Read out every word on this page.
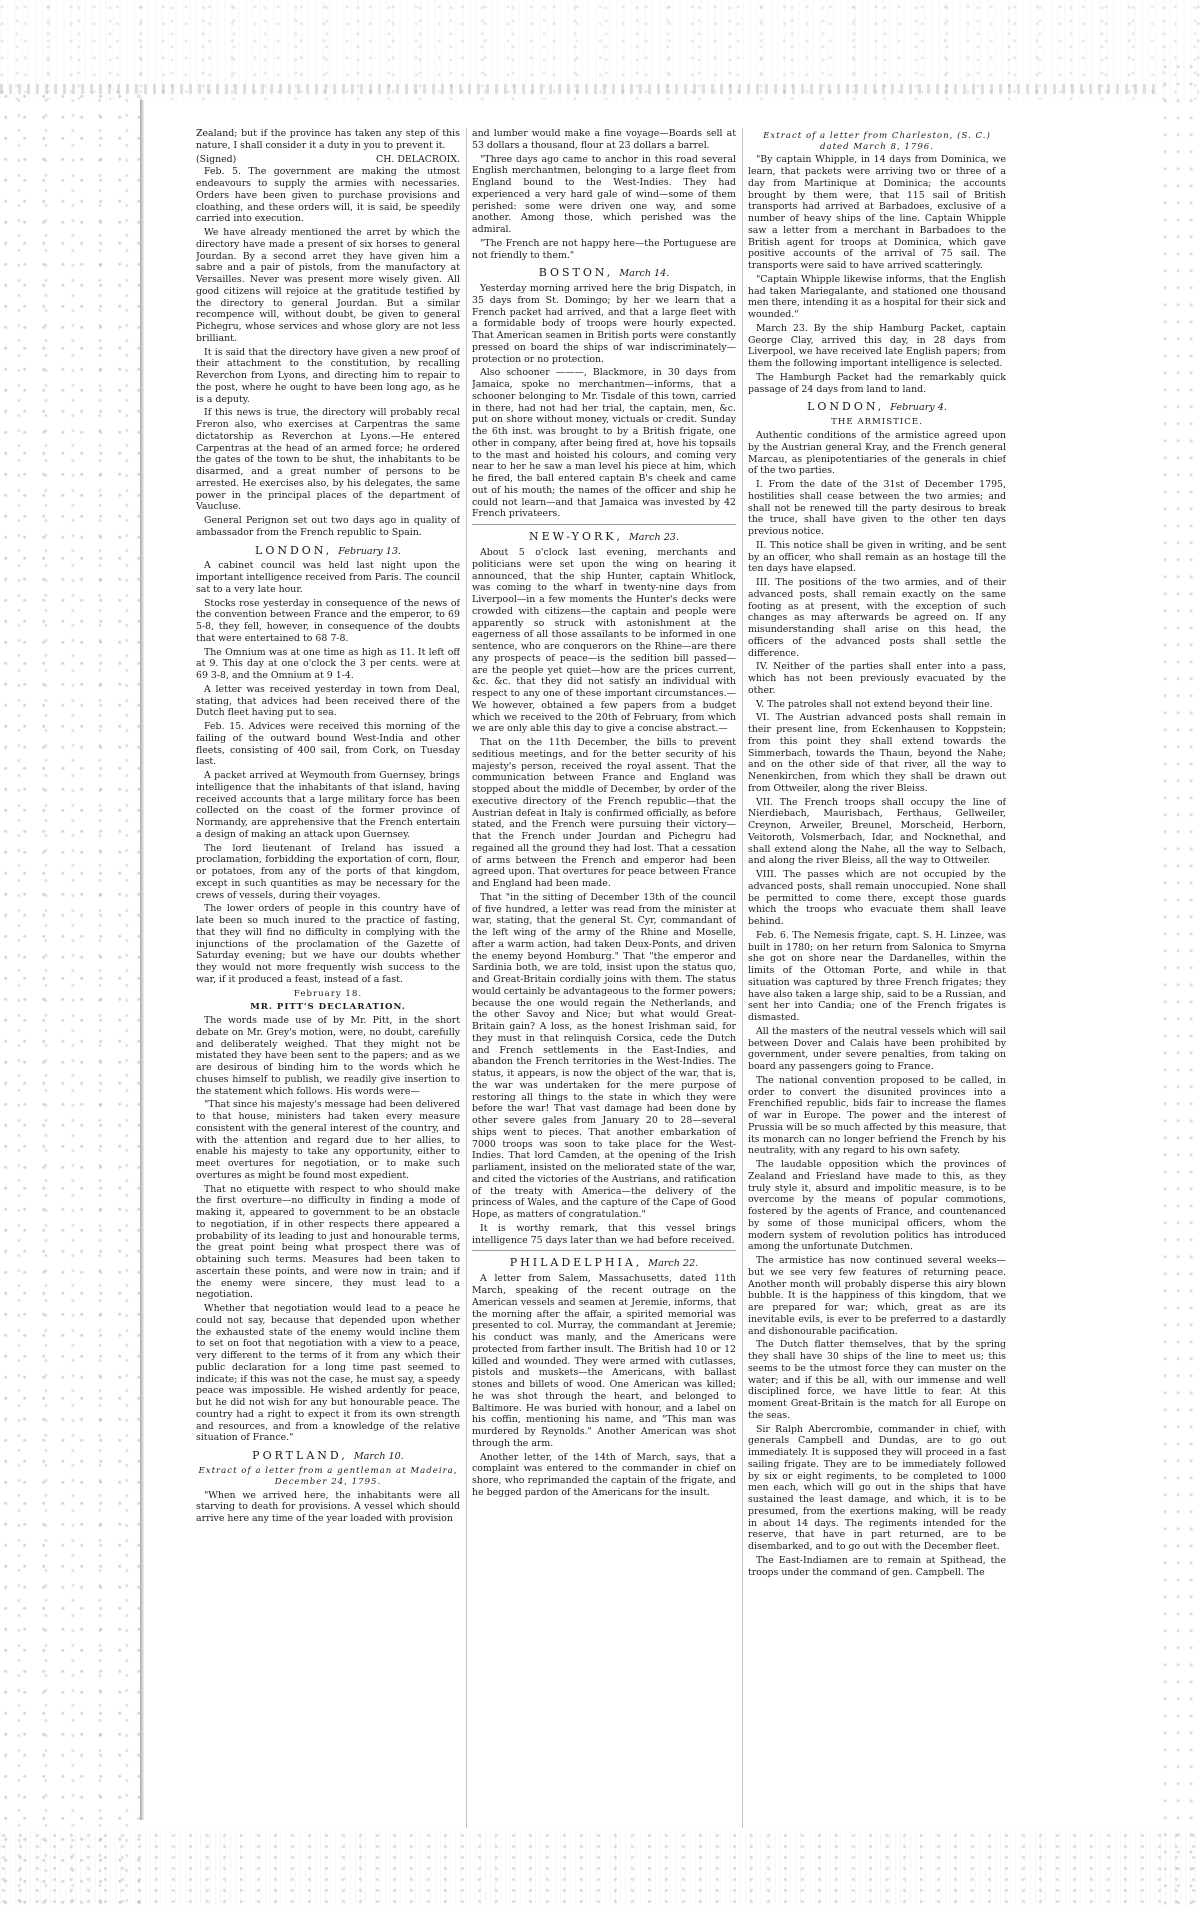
Zealand; but if the province has taken any step of this nature, I shall consider it a duty in you to prevent it.

(Signed)	CH. DELACROIX.

Feb. 5. The government are making the utmost endeavours to supply the armies with necessaries. Orders have been given to purchase provisions and cloathing, and these orders will, it is said, be speedily carried into execution.

We have already mentioned the arret by which the directory have made a present of six horses to general Jourdan. By a second arret they have given him a sabre and a pair of pistols, from the manufactory at Versailles. Never was present more wisely given. All good citizens will rejoice at the gratitude testified by the directory to general Jourdan. But a similar recompence will, without doubt, be given to general Pichegru, whose services and whose glory are not less brilliant.

It is said that the directory have given a new proof of their attachment to the constitution, by recalling Reverchon from Lyons, and directing him to repair to the post, where he ought to have been long ago, as he is a deputy.

If this news is true, the directory will probably recal Freron also, who exercises at Carpentras the same dictatorship as Reverchon at Lyons.—He entered Carpentras at the head of an armed force; he ordered the gates of the town to be shut, the inhabitants to be disarmed, and a great number of persons to be arrested. He exercises also, by his delegates, the same power in the principal places of the department of Vaucluse.

General Perignon set out two days ago in quality of ambassador from the French republic to Spain.

LONDON, February 13.

A cabinet council was held last night upon the important intelligence received from Paris. The council sat to a very late hour.

Stocks rose yesterday in consequence of the news of the convention between France and the emperor, to 69 5-8, they fell, however, in consequence of the doubts that were entertained to 68 7-8.

The Omnium was at one time as high as 11. It left off at 9. This day at one o'clock the 3 per cents. were at 69 3-8, and the Omnium at 9 1-4.

A letter was received yesterday in town from Deal, stating, that advices had been received there of the Dutch fleet having put to sea.

Feb. 15. Advices were received this morning of the failing of the outward bound West-India and other fleets, consisting of 400 sail, from Cork, on Tuesday last.

A packet arrived at Weymouth from Guernsey, brings intelligence that the inhabitants of that island, having received accounts that a large military force has been collected on the coast of the former province of Normandy, are apprehensive that the French entertain a design of making an attack upon Guernsey.

The lord lieutenant of Ireland has issued a proclamation, forbidding the exportation of corn, flour, or potatoes, from any of the ports of that kingdom, except in such quantities as may be necessary for the crews of vessels, during their voyages.

The lower orders of people in this country have of late been so much inured to the practice of fasting, that they will find no difficulty in complying with the injunctions of the proclamation of the Gazette of Saturday evening; but we have our doubts whether they would not more frequently wish success to the war, if it produced a feast, instead of a fast.

February 18.
MR. PITT'S DECLARATION.

The words made use of by Mr. Pitt, in the short debate on Mr. Grey's motion, were, no doubt, carefully and deliberately weighed. That they might not be mistated they have been sent to the papers; and as we are desirous of binding him to the words which he chuses himself to publish, we readily give insertion to the statement which follows. His words were—

"That since his majesty's message had been delivered to that house, ministers had taken every measure consistent with the general interest of the country, and with the attention and regard due to her allies, to enable his majesty to take any opportunity, either to meet overtures for negotiation, or to make such overtures as might be found most expedient.

That no etiquette with respect to who should make the first overture—no difficulty in finding a mode of making it, appeared to government to be an obstacle to negotiation, if in other respects there appeared a probability of its leading to just and honourable terms, the great point being what prospect there was of obtaining such terms. Measures had been taken to ascertain these points, and were now in train; and if the enemy were sincere, they must lead to a negotiation.

Whether that negotiation would lead to a peace he could not say, because that depended upon whether the exhausted state of the enemy would incline them to set on foot that negotiation with a view to a peace, very different to the terms of it from any which their public declaration for a long time past seemed to indicate; if this was not the case, he must say, a speedy peace was impossible. He wished ardently for peace, but he did not wish for any but honourable peace. The country had a right to expect it from its own strength and resources, and from a knowledge of the relative situation of France."

PORTLAND, March 10.
Extract of a letter from a gentleman at Madeira, December 24, 1795.

"When we arrived here, the inhabitants were all starving to death for provisions. A vessel which should arrive here any time of the year loaded with provision

and lumber would make a fine voyage—Boards sell at 53 dollars a thousand, flour at 23 dollars a barrel.

"Three days ago came to anchor in this road several English merchantmen, belonging to a large fleet from England bound to the West-Indies. They had experienced a very hard gale of wind—some of them perished: some were driven one way, and some another. Among those, which perished was the admiral.

"The French are not happy here—the Portuguese are not friendly to them."

BOSTON, March 14.

Yesterday morning arrived here the brig Dispatch, in 35 days from St. Domingo; by her we learn that a French packet had arrived, and that a large fleet with a formidable body of troops were hourly expected. That American seamen in British ports were constantly pressed on board the ships of war indiscriminately—protection or no protection.

Also schooner ———, Blackmore, in 30 days from Jamaica, spoke no merchantmen—informs, that a schooner belonging to Mr. Tisdale of this town, carried in there, had not had her trial, the captain, men, &c. put on shore without money, victuals or credit. Sunday the 6th inst. was brought to by a British frigate, one other in company, after being fired at, hove his topsails to the mast and hoisted his colours, and coming very near to her he saw a man level his piece at him, which he fired, the ball entered captain B's cheek and came out of his mouth; the names of the officer and ship he could not learn—and that Jamaica was invested by 42 French privateers.

NEW-YORK, March 23.

About 5 o'clock last evening, merchants and politicians were set upon the wing on hearing it announced, that the ship Hunter, captain Whitlock, was coming to the wharf in twenty-nine days from Liverpool—in a few moments the Hunter's decks were crowded with citizens—the captain and people were apparently so struck with astonishment at the eagerness of all those assailants to be informed in one sentence, who are conquerors on the Rhine—are there any prospects of peace—is the sedition bill passed—are the people yet quiet—how are the prices current, &c. &c. that they did not satisfy an individual with respect to any one of these important circumstances.—We however, obtained a few papers from a budget which we received to the 20th of February, from which we are only able this day to give a concise abstract.—

That on the 11th December, the bills to prevent seditious meetings, and for the better security of his majesty's person, received the royal assent. That the communication between France and England was stopped about the middle of December, by order of the executive directory of the French republic—that the Austrian defeat in Italy is confirmed officially, as before stated, and the French were pursuing their victory—that the French under Jourdan and Pichegru had regained all the ground they had lost. That a cessation of arms between the French and emperor had been agreed upon. That overtures for peace between France and England had been made.

That "in the sitting of December 13th of the council of five hundred, a letter was read from the minister at war, stating, that the general St. Cyr, commandant of the left wing of the army of the Rhine and Moselle, after a warm action, had taken Deux-Ponts, and driven the enemy beyond Homburg." That "the emperor and Sardinia both, we are told, insist upon the status quo, and Great-Britain cordially joins with them. The status would certainly be advantageous to the former powers; because the one would regain the Netherlands, and the other Savoy and Nice; but what would Great-Britain gain? A loss, as the honest Irishman said, for they must in that relinquish Corsica, cede the Dutch and French settlements in the East-Indies, and abandon the French territories in the West-Indies. The status, it appears, is now the object of the war, that is, the war was undertaken for the mere purpose of restoring all things to the state in which they were before the war! That vast damage had been done by other severe gales from January 20 to 28—several ships went to pieces. That another embarkation of 7000 troops was soon to take place for the West-Indies. That lord Camden, at the opening of the Irish parliament, insisted on the meliorated state of the war, and cited the victories of the Austrians, and ratification of the treaty with America—the delivery of the princess of Wales, and the capture of the Cape of Good Hope, as matters of congratulation."

It is worthy remark, that this vessel brings intelligence 75 days later than we had before received.

PHILADELPHIA, March 22.

A letter from Salem, Massachusetts, dated 11th March, speaking of the recent outrage on the American vessels and seamen at Jeremie, informs, that the morning after the affair, a spirited memorial was presented to col. Murray, the commandant at Jeremie; his conduct was manly, and the Americans were protected from farther insult. The British had 10 or 12 killed and wounded. They were armed with cutlasses, pistols and muskets—the Americans, with ballast stones and billets of wood. One American was killed; he was shot through the heart, and belonged to Baltimore. He was buried with honour, and a label on his coffin, mentioning his name, and "This man was murdered by Reynolds." Another American was shot through the arm.

Another letter, of the 14th of March, says, that a complaint was entered to the commander in chief on shore, who reprimanded the captain of the frigate, and he begged pardon of the Americans for the insult.

Extract of a letter from Charleston, (S. C.) dated March 8, 1796.

"By captain Whipple, in 14 days from Dominica, we learn, that packets were arriving two or three of a day from Martinique at Dominica; the accounts brought by them were, that 115 sail of British transports had arrived at Barbadoes, exclusive of a number of heavy ships of the line. Captain Whipple saw a letter from a merchant in Barbadoes to the British agent for troops at Dominica, which gave positive accounts of the arrival of 75 sail. The transports were said to have arrived scatteringly.

"Captain Whipple likewise informs, that the English had taken Mariegalante, and stationed one thousand men there, intending it as a hospital for their sick and wounded."

March 23. By the ship Hamburg Packet, captain George Clay, arrived this day, in 28 days from Liverpool, we have received late English papers; from them the following important intelligence is selected.

The Hamburgh Packet had the remarkably quick passage of 24 days from land to land.

LONDON, February 4.
THE ARMISTICE.

Authentic conditions of the armistice agreed upon by the Austrian general Kray, and the French general Marcau, as plenipotentiaries of the generals in chief of the two parties.

I. From the date of the 31st of December 1795, hostilities shall cease between the two armies; and shall not be renewed till the party desirous to break the truce, shall have given to the other ten days previous notice.

II. This notice shall be given in writing, and be sent by an officer, who shall remain as an hostage till the ten days have elapsed.

III. The positions of the two armies, and of their advanced posts, shall remain exactly on the same footing as at present, with the exception of such changes as may afterwards be agreed on. If any misunderstanding shall arise on this head, the officers of the advanced posts shall settle the difference.

IV. Neither of the parties shall enter into a pass, which has not been previously evacuated by the other.

V. The patroles shall not extend beyond their line.

VI. The Austrian advanced posts shall remain in their present line, from Eckenhausen to Koppstein; from this point they shall extend towards the Simmerbach, towards the Thaun, beyond the Nahe; and on the other side of that river, all the way to Nenenkirchen, from which they shall be drawn out from Ottweiler, along the river Bleiss.

VII. The French troops shall occupy the line of Nierdiebach, Maurisbach, Ferthaus, Gellweiler, Creynon, Arweiler, Breunel, Morscheid, Herborn, Veitoroth, Volsmerbach, Idar, and Nocknethal, and shall extend along the Nahe, all the way to Selbach, and along the river Bleiss, all the way to Ottweiler.

VIII. The passes which are not occupied by the advanced posts, shall remain unoccupied. None shall be permitted to come there, except those guards which the troops who evacuate them shall leave behind.

Feb. 6. The Nemesis frigate, capt. S. H. Linzee, was built in 1780; on her return from Salonica to Smyrna she got on shore near the Dardanelles, within the limits of the Ottoman Porte, and while in that situation was captured by three French frigates; they have also taken a large ship, said to be a Russian, and sent her into Candia; one of the French frigates is dismasted.

All the masters of the neutral vessels which will sail between Dover and Calais have been prohibited by government, under severe penalties, from taking on board any passengers going to France.

The national convention proposed to be called, in order to convert the disunited provinces into a Frenchified republic, bids fair to increase the flames of war in Europe. The power and the interest of Prussia will be so much affected by this measure, that its monarch can no longer befriend the French by his neutrality, with any regard to his own safety.

The laudable opposition which the provinces of Zealand and Friesland have made to this, as they truly style it, absurd and impolitic measure, is to be overcome by the means of popular commotions, fostered by the agents of France, and countenanced by some of those municipal officers, whom the modern system of revolution politics has introduced among the unfortunate Dutchmen.

The armistice has now continued several weeks—but we see very few features of returning peace. Another month will probably disperse this airy blown bubble. It is the happiness of this kingdom, that we are prepared for war; which, great as are its inevitable evils, is ever to be preferred to a dastardly and dishonourable pacification.

The Dutch flatter themselves, that by the spring they shall have 30 ships of the line to meet us; this seems to be the utmost force they can muster on the water; and if this be all, with our immense and well disciplined force, we have little to fear. At this moment Great-Britain is the match for all Europe on the seas.

Sir Ralph Abercrombie, commander in chief, with generals Campbell and Dundas, are to go out immediately. It is supposed they will proceed in a fast sailing frigate. They are to be immediately followed by six or eight regiments, to be completed to 1000 men each, which will go out in the ships that have sustained the least damage, and which, it is to be presumed, from the exertions making, will be ready in about 14 days. The regiments intended for the reserve, that have in part returned, are to be disembarked, and to go out with the December fleet.

The East-Indiamen are to remain at Spithead, the troops under the command of gen. Campbell. The
